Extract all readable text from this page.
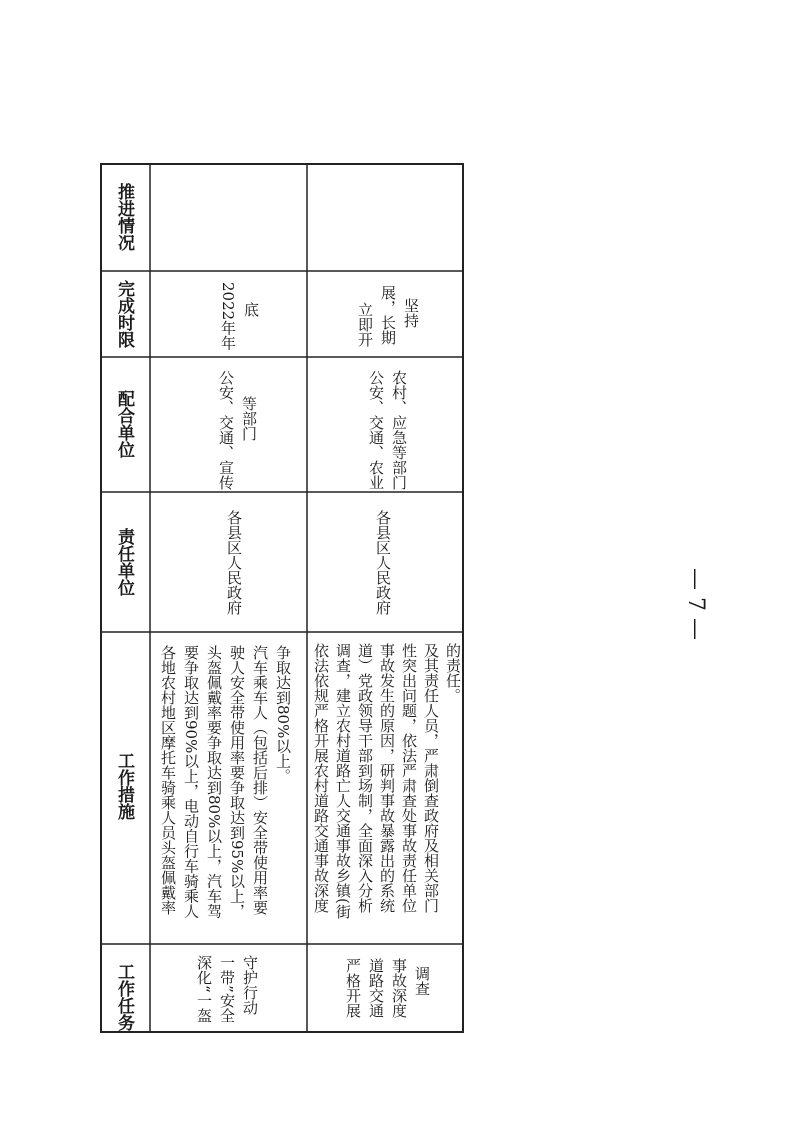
工作任务
工作措施
责任单位
配合单位
完成时限
推进情况
深化“一盔 一带”安全 守护行动
各地农村地区摩托车骑乘人员头盔佩戴率 要争取达到90%以上，电动自行车骑乘人 头盔佩戴率要争取达到80%以上，汽车驾 驶人安全带使用率要争取达到95%以上， 汽车乘车人（包括后排）安全带使用率要 争取达到80%以上。
各县区人民政府
公安、交通、宣传 等部门
2022年年 底
严格开展 道路交通 事故深度 调查
依法依规严格开展农村道路交通事故深度 调查，建立农村道路亡人交通事故乡镇(街 道）党政领导干部到场制，全面深入分析 事故发生的原因，研判事故暴露出的系统 性突出问题，依法严肃查处事故责任单位 及其责任人员，严肃倒查政府及相关部门 的责任。
各县区人民政府
公安、交通、农业 农村、应急等部门
立即开 展，长期 坚持
— 7 —
